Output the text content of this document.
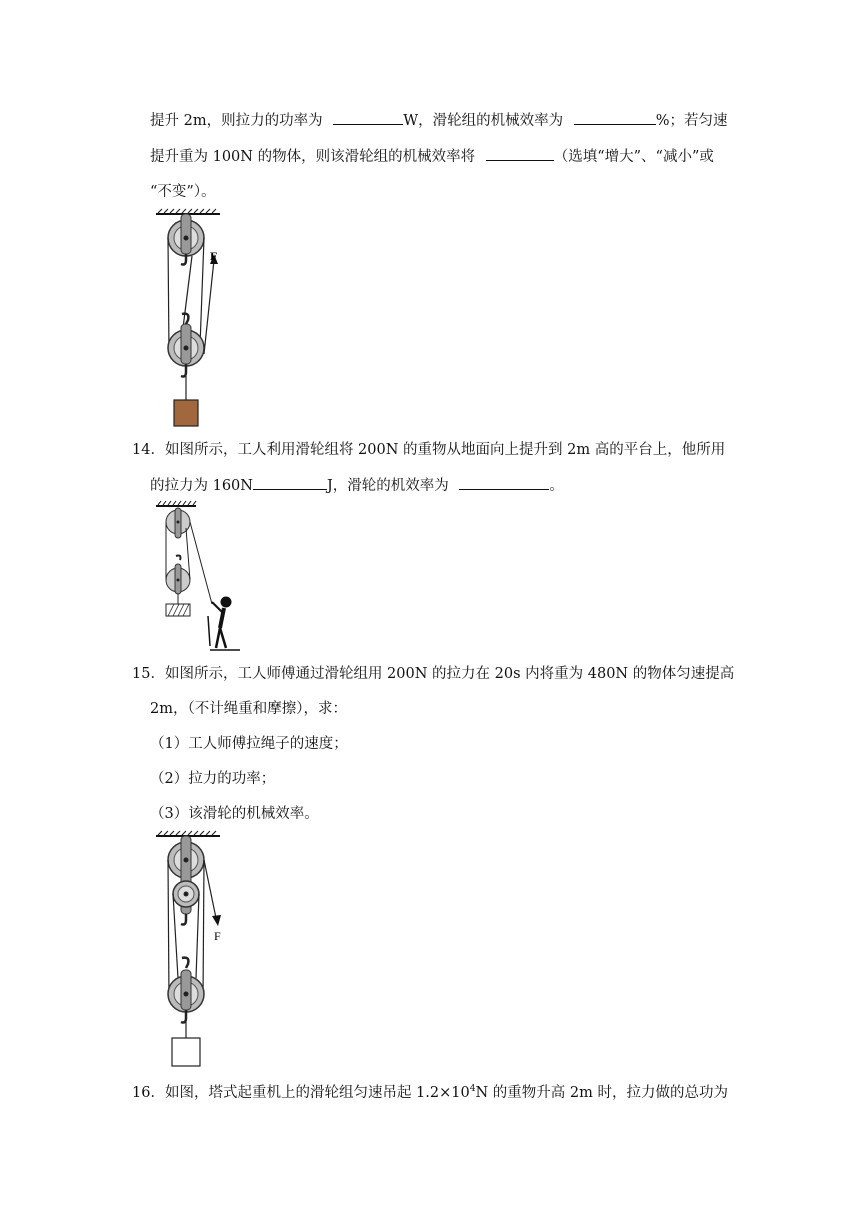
提升 2m，则拉力的功率为	W，滑轮组的机械效率为	%；若匀速
提升重为 100N 的物体，则该滑轮组的机械效率将	（选填“增大”、“减小”或
“不变”）。
F
14．如图所示，工人利用滑轮组将 200N 的重物从地面向上提升到 2m 高的平台上，他所用
的拉力为 160N	J，滑轮的机效率为	。
15．如图所示，工人师傅通过滑轮组用 200N 的拉力在 20s 内将重为 480N 的物体匀速提高
2m，（不计绳重和摩擦），求：
（1）工人师傅拉绳子的速度；
（2）拉力的功率；
（3）该滑轮的机械效率。
F
16．如图，塔式起重机上的滑轮组匀速吊起 $1.2\times 10^4N$ 的重物升高 2m 时，拉力做的总功为
